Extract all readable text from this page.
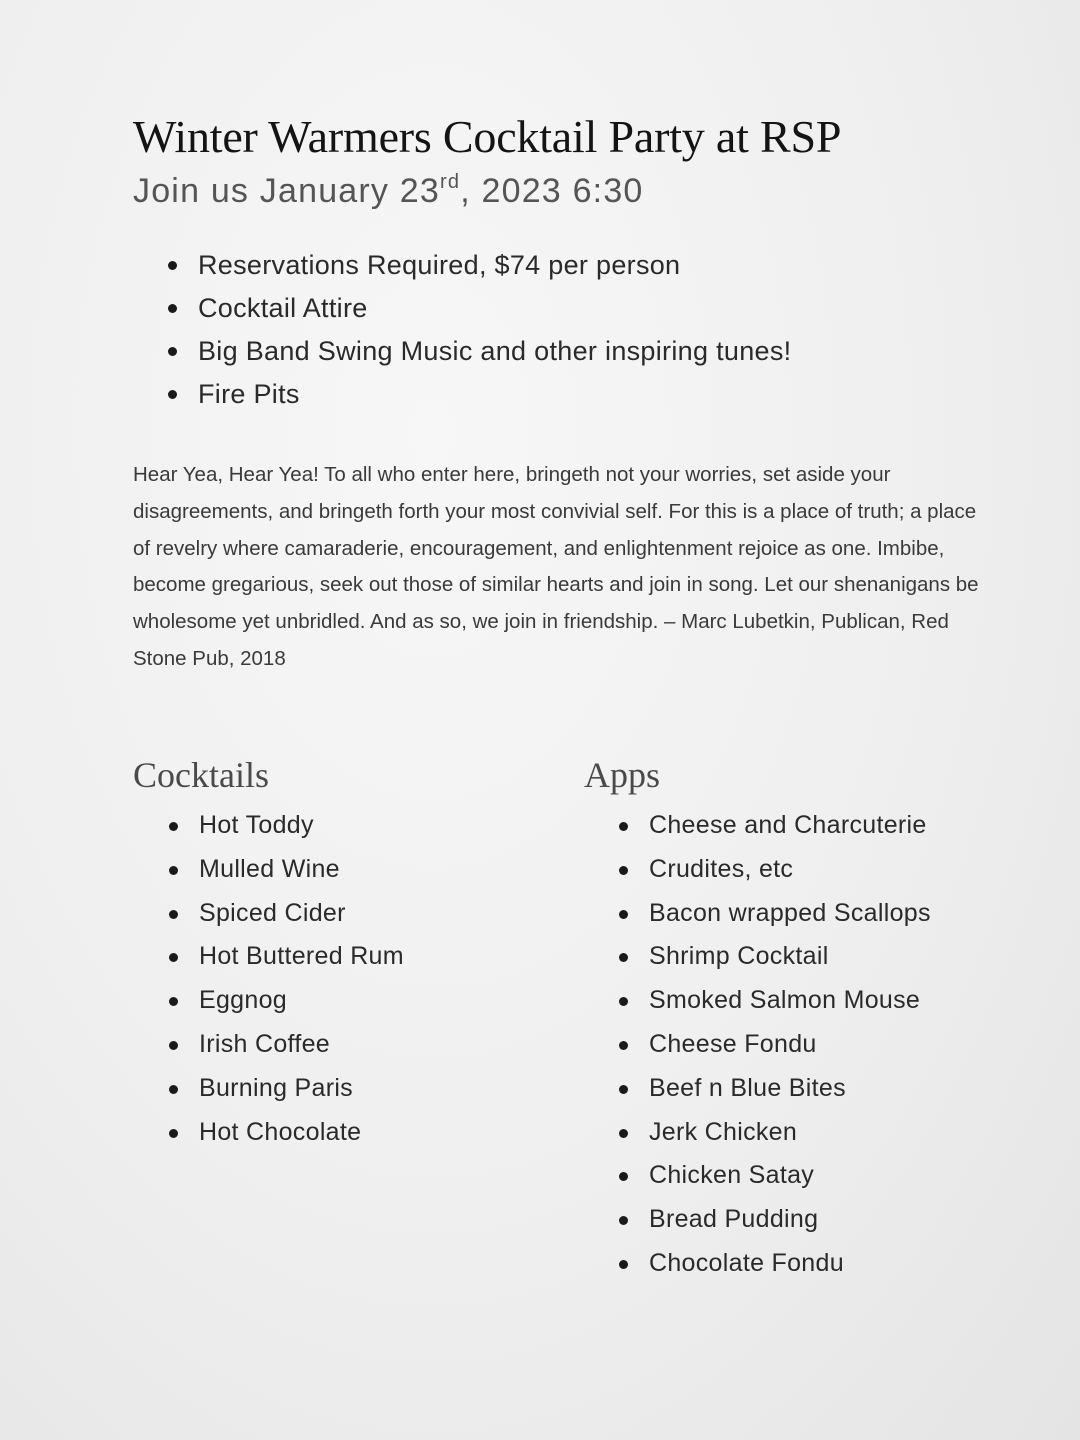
Winter Warmers Cocktail Party at RSP
Join us January 23rd, 2023 6:30
Reservations Required, $74 per person
Cocktail Attire
Big Band Swing Music and other inspiring tunes!
Fire Pits
Hear Yea, Hear Yea! To all who enter here, bringeth not your worries, set aside your disagreements, and bringeth forth your most convivial self. For this is a place of truth; a place of revelry where camaraderie, encouragement, and enlightenment rejoice as one. Imbibe, become gregarious, seek out those of similar hearts and join in song. Let our shenanigans be wholesome yet unbridled. And as so, we join in friendship. – Marc Lubetkin, Publican, Red Stone Pub, 2018
Cocktails
Hot Toddy
Mulled Wine
Spiced Cider
Hot Buttered Rum
Eggnog
Irish Coffee
Burning Paris
Hot Chocolate
Apps
Cheese and Charcuterie
Crudites, etc
Bacon wrapped Scallops
Shrimp Cocktail
Smoked Salmon Mouse
Cheese Fondu
Beef n Blue Bites
Jerk Chicken
Chicken Satay
Bread Pudding
Chocolate Fondu
